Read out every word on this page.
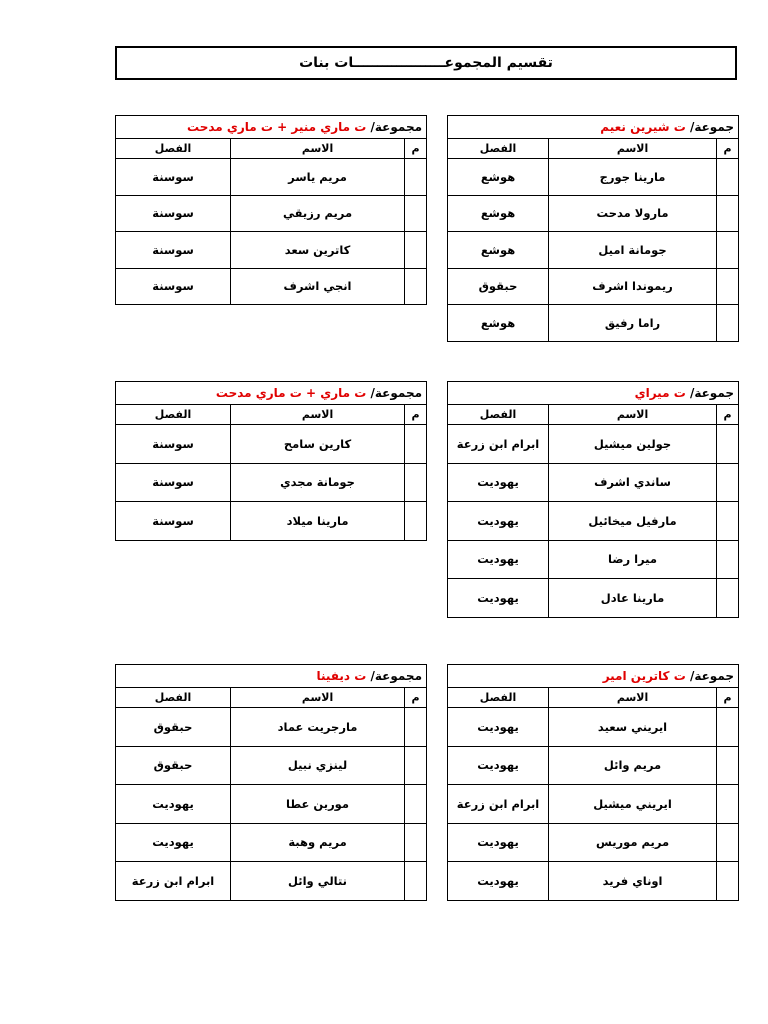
تقسيم المجموعـــــــــــــــــــات بنات
جموعة/ ت شيرين نعيم		
م	الاسم	الفصل
	مارينا جورج	هوشع
	مارولا مدحت	هوشع
	جومانة اميل	هوشع
	ريموندا اشرف	حبقوق
	راما رفيق	هوشع
مجموعة/ ت ماري منير + ت ماري مدحت		
م	الاسم	الفصل
	مريم ياسر	سوسنة
	مريم رزيقي	سوسنة
	كاترين سعد	سوسنة
	انجي اشرف	سوسنة
جموعة/ ت ميراي		
م	الاسم	الفصل
	جولين ميشيل	ابرام ابن زرعة
	ساندي اشرف	يهوديت
	مارفيل ميخائيل	يهوديت
	ميرا رضا	يهوديت
	مارينا عادل	يهوديت
مجموعة/ ت ماري + ت ماري مدحت		
م	الاسم	الفصل
	كارين سامح	سوسنة
	جومانة مجدي	سوسنة
	مارينا ميلاد	سوسنة
جموعة/ ت كاترين امير		
م	الاسم	الفصل
	ايريني سعيد	يهوديت
	مريم وائل	يهوديت
	ايريني ميشيل	ابرام ابن زرعة
	مريم موريس	يهوديت
	اوناي فريد	يهوديت
مجموعة/ ت ديفينا		
م	الاسم	الفصل
	مارجريت عماد	حبقوق
	لينزي نبيل	حبقوق
	مورين عطا	يهوديت
	مريم وهبة	يهوديت
	نتالي وائل	ابرام ابن زرعة
